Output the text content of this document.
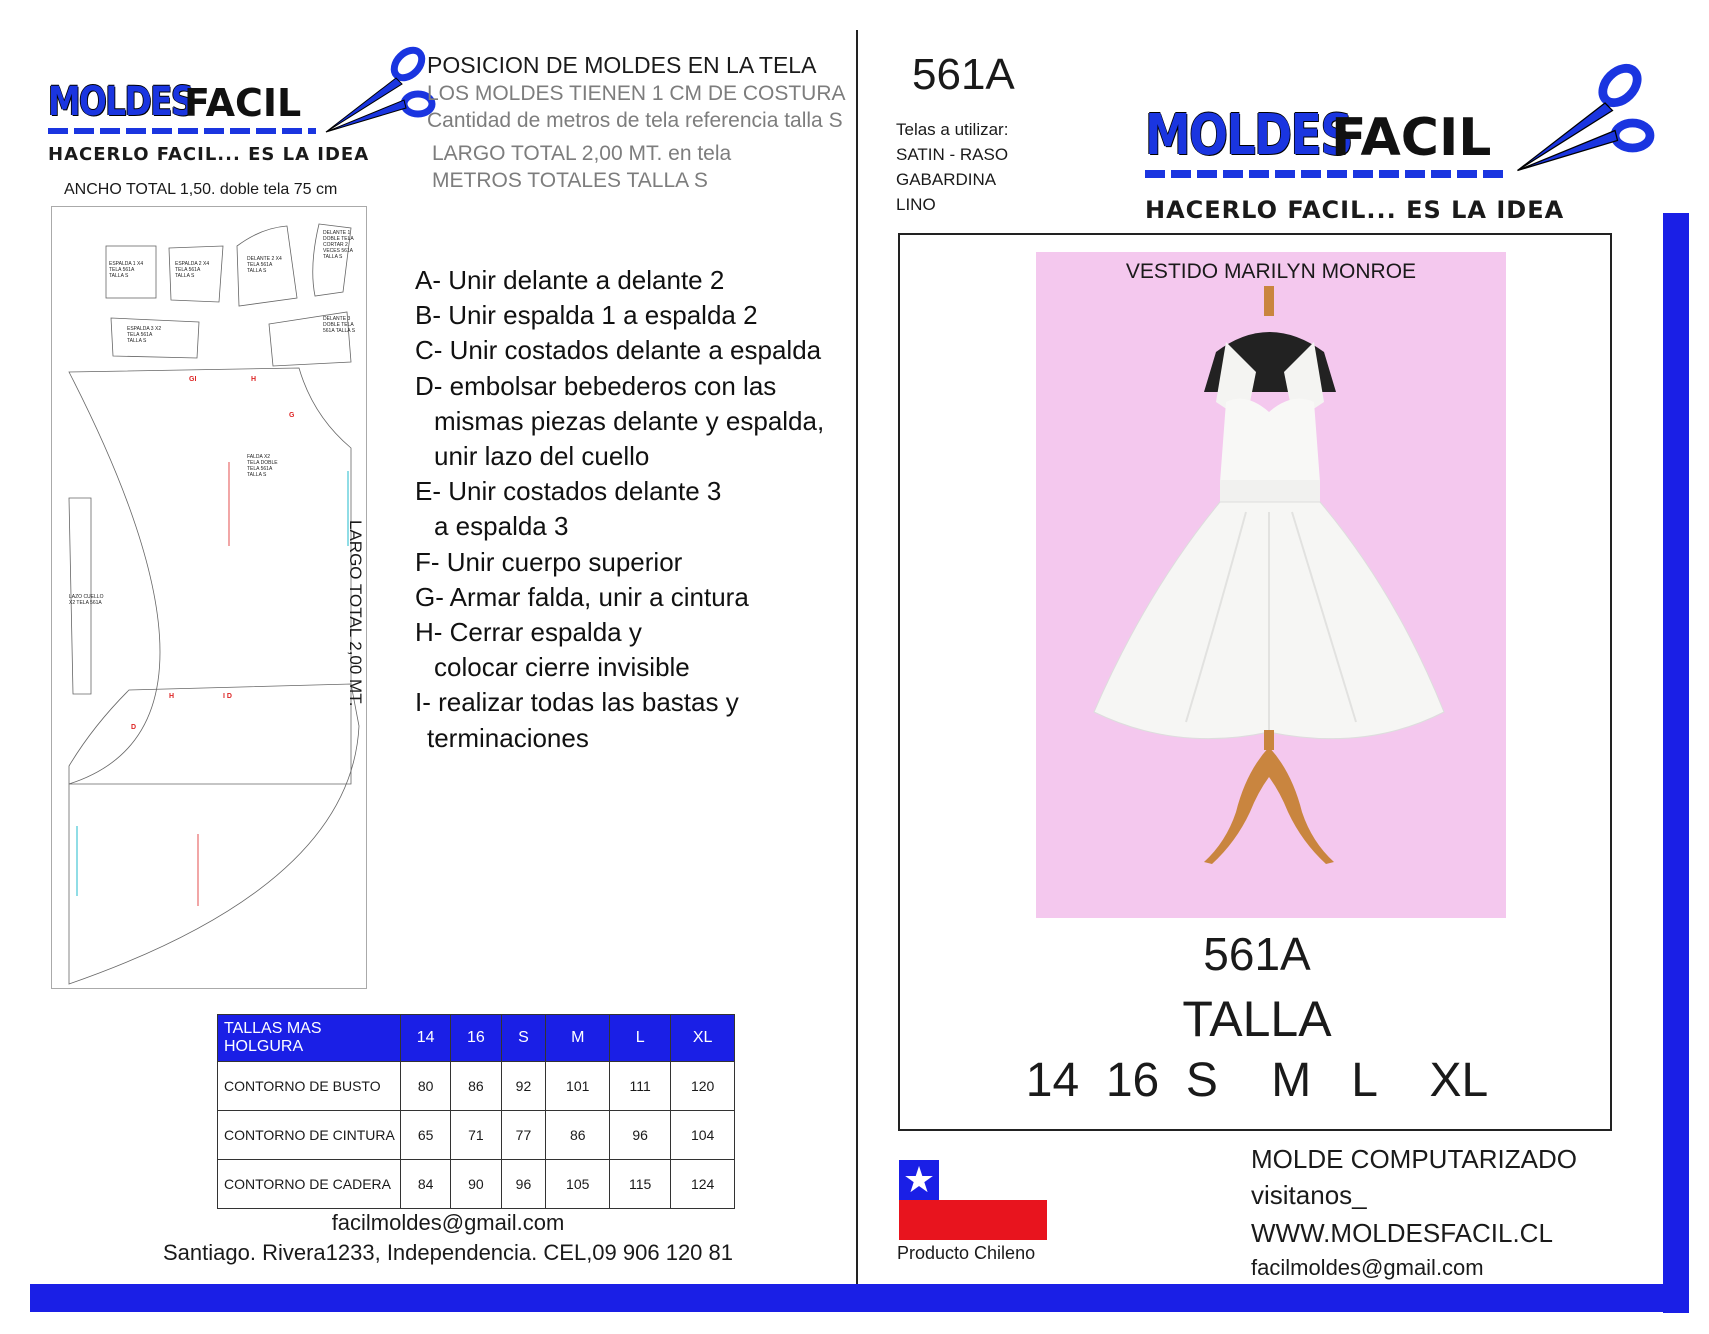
MOLDES
FACIL
HACERLO FACIL... ES LA IDEA
POSICION DE MOLDES EN LA TELA
LOS MOLDES TIENEN 1 CM DE COSTURA
Cantidad de metros de tela referencia talla S
LARGO TOTAL 2,00 MT. en tela
METROS TOTALES TALLA S
ANCHO TOTAL 1,50. doble tela 75 cm
ESPALDA 1 X4 TELA 561A TALLA S
ESPALDA 2 X4 TELA 561A TALLA S
DELANTE 2 X4 TELA 561A TALLA S
DELANTE 1 DOBLE TELA CORTAR 2 VECES 561A TALLA S
ESPALDA 3 X2 TELA 561A TALLA S
DELANTE 3 DOBLE TELA 561A TALLA S
FALDA X2 TELA DOBLE TELA 561A TALLA S
LAZO CUELLO X2 TELA 561A
GI	H
G
H	I D
D
LARGO TOTAL 2,00 MT.
A- Unir delante a delante 2
B- Unir espalda 1 a espalda 2
C- Unir costados delante a espalda
D- embolsar bebederos con las
mismas piezas delante y espalda,
unir lazo del cuello
E- Unir costados delante 3
a espalda 3
F- Unir cuerpo superior
G- Armar falda, unir a cintura
H- Cerrar espalda y
colocar cierre invisible
I- realizar todas las bastas y
terminaciones
TALLAS MAS HOLGURA	14	16	S	M	L	XL
CONTORNO DE BUSTO	80	86	92	101	111	120
CONTORNO DE CINTURA	65	71	77	86	96	104
CONTORNO DE CADERA	84	90	96	105	115	124
facilmoldes@gmail.com
Santiago. Rivera1233, Independencia. CEL,09 906 120 81
561A
Telas a utilizar:
SATIN - RASO
GABARDINA
LINO
MOLDES
FACIL
HACERLO FACIL... ES LA IDEA
VESTIDO MARILYN MONROE
561A
TALLA
14  16  S    M   L    XL
★
Producto Chileno
MOLDE COMPUTARIZADO
visitanos_
WWW.MOLDESFACIL.CL
facilmoldes@gmail.com
